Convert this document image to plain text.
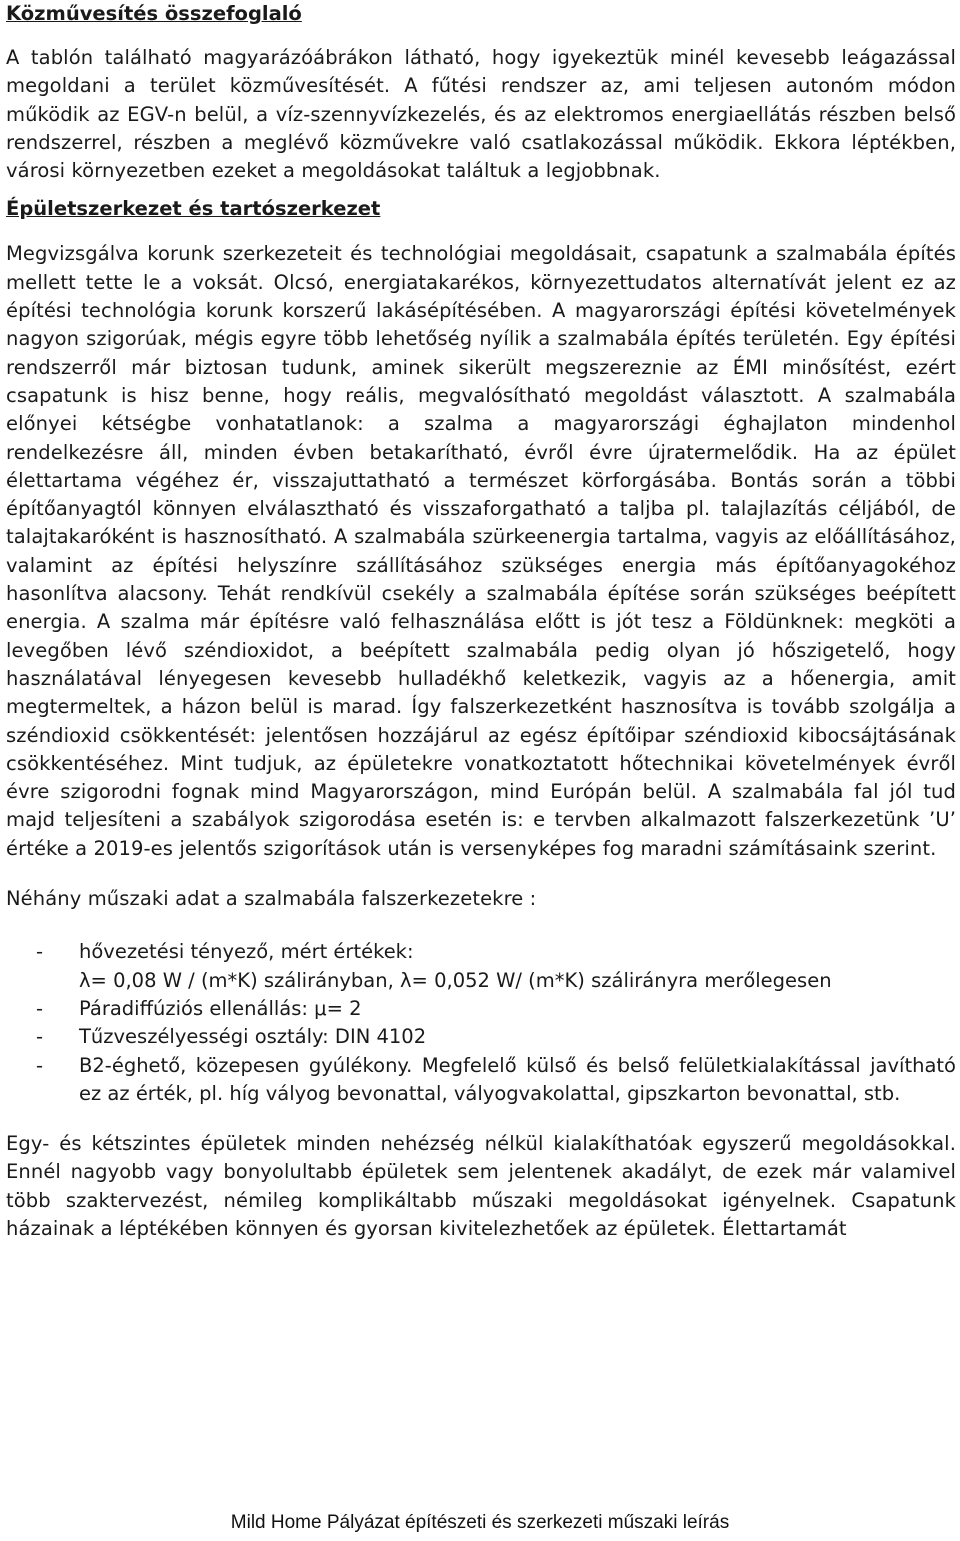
Közművesítés összefoglaló

A tablón található magyarázóábrákon látható, hogy igyekeztük minél kevesebb leágazással megoldani a terület közművesítését. A fűtési rendszer az, ami teljesen autonóm módon működik az EGV-n belül, a víz-szennyvízkezelés, és az elektromos energiaellátás részben belső rendszerrel, részben a meglévő közművekre való csatlakozással működik. Ekkora léptékben, városi környezetben ezeket a megoldásokat találtuk a legjobbnak.

Épületszerkezet és tartószerkezet

Megvizsgálva korunk szerkezeteit és technológiai megoldásait, csapatunk a szalmabála építés mellett tette le a voksát. Olcsó, energiatakarékos, környezettudatos alternatívát jelent ez az építési technológia korunk korszerű lakásépítésében. A magyarországi építési követelmények nagyon szigorúak, mégis egyre több lehetőség nyílik a szalmabála építés területén. Egy építési rendszerről már biztosan tudunk, aminek sikerült megszereznie az ÉMI minősítést, ezért csapatunk is hisz benne, hogy reális, megvalósítható megoldást választott. A szalmabála előnyei kétségbe vonhatatlanok: a szalma a magyarországi éghajlaton mindenhol rendelkezésre áll, minden évben betakarítható, évről évre újratermelődik. Ha az épület élettartama végéhez ér, visszajuttatható a természet körforgásába. Bontás során a többi építőanyagtól könnyen elválasztható és visszaforgatható a taljba pl. talajlazítás céljából, de talajtakaróként is hasznosítható. A szalmabála szürkeenergia tartalma, vagyis az előállításához, valamint az építési helyszínre szállításához szükséges energia más építőanyagokéhoz hasonlítva alacsony. Tehát rendkívül csekély a szalmabála építése során szükséges beépített energia. A szalma már építésre való felhasználása előtt is jót tesz a Földünknek: megköti a levegőben lévő széndioxidot, a beépített szalmabála pedig olyan jó hőszigetelő, hogy használatával lényegesen kevesebb hulladékhő keletkezik, vagyis az a hőenergia, amit megtermeltek, a házon belül is marad. Így falszerkezetként hasznosítva is tovább szolgálja a széndioxid csökkentését: jelentősen hozzájárul az egész építőipar széndioxid kibocsájtásának csökkentéséhez. Mint tudjuk, az épületekre vonatkoztatott hőtechnikai követelmények évről évre szigorodni fognak mind Magyarországon, mind Európán belül. A szalmabála fal jól tud majd teljesíteni a szabályok szigorodása esetén is: e tervben alkalmazott falszerkezetünk ’U’ értéke a 2019-es jelentős szigorítások után is versenyképes fog maradni számításaink szerint.

Néhány műszaki adat a szalmabála falszerkezetekre :

- hővezetési tényező, mért értékek:
λ= 0,08 W / (m*K) szálirányban, λ= 0,052 W/ (m*K) szálirányra merőlegesen
- Páradiffúziós ellenállás: μ= 2
- Tűzveszélyességi osztály: DIN 4102
- B2-éghető, közepesen gyúlékony. Megfelelő külső és belső felületkialakítással javítható ez az érték, pl. híg vályog bevonattal, vályogvakolattal, gipszkarton bevonattal, stb.

Egy- és kétszintes épületek minden nehézség nélkül kialakíthatóak egyszerű megoldásokkal. Ennél nagyobb vagy bonyolultabb épületek sem jelentenek akadályt, de ezek már valamivel több szaktervezést, némileg komplikáltabb műszaki megoldásokat igényelnek. Csapatunk házainak a léptékében könnyen és gyorsan kivitelezhetőek az épületek. Élettartamát

Mild Home Pályázat építészeti és szerkezeti műszaki leírás
